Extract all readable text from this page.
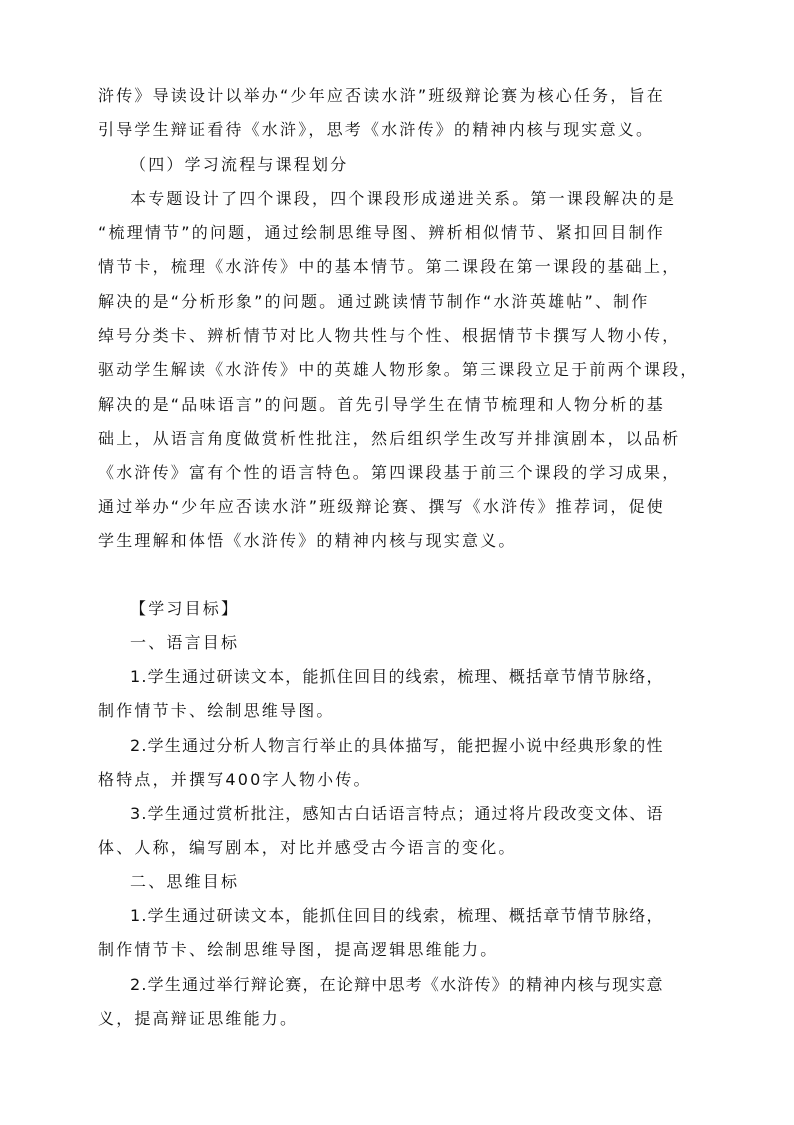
浒传》导读设计以举办“少年应否读水浒”班级辩论赛为核心任务，旨在
引导学生辩证看待《水浒》，思考《水浒传》的精神内核与现实意义。
（四）学习流程与课程划分
本专题设计了四个课段，四个课段形成递进关系。第一课段解决的是
“梳理情节”的问题，通过绘制思维导图、辨析相似情节、紧扣回目制作
情节卡，梳理《水浒传》中的基本情节。第二课段在第一课段的基础上，
解决的是“分析形象”的问题。通过跳读情节制作“水浒英雄帖”、制作
绰号分类卡、辨析情节对比人物共性与个性、根据情节卡撰写人物小传，
驱动学生解读《水浒传》中的英雄人物形象。第三课段立足于前两个课段，
解决的是“品味语言”的问题。首先引导学生在情节梳理和人物分析的基
础上，从语言角度做赏析性批注，然后组织学生改写并排演剧本，以品析
《水浒传》富有个性的语言特色。第四课段基于前三个课段的学习成果，
通过举办“少年应否读水浒”班级辩论赛、撰写《水浒传》推荐词，促使
学生理解和体悟《水浒传》的精神内核与现实意义。
【学习目标】
一、语言目标
1.学生通过研读文本，能抓住回目的线索，梳理、概括章节情节脉络，
制作情节卡、绘制思维导图。
2.学生通过分析人物言行举止的具体描写，能把握小说中经典形象的性
格特点，并撰写400字人物小传。
3.学生通过赏析批注，感知古白话语言特点；通过将片段改变文体、语
体、人称，编写剧本，对比并感受古今语言的变化。
二、思维目标
1.学生通过研读文本，能抓住回目的线索，梳理、概括章节情节脉络，
制作情节卡、绘制思维导图，提高逻辑思维能力。
2.学生通过举行辩论赛，在论辩中思考《水浒传》的精神内核与现实意
义，提高辩证思维能力。
